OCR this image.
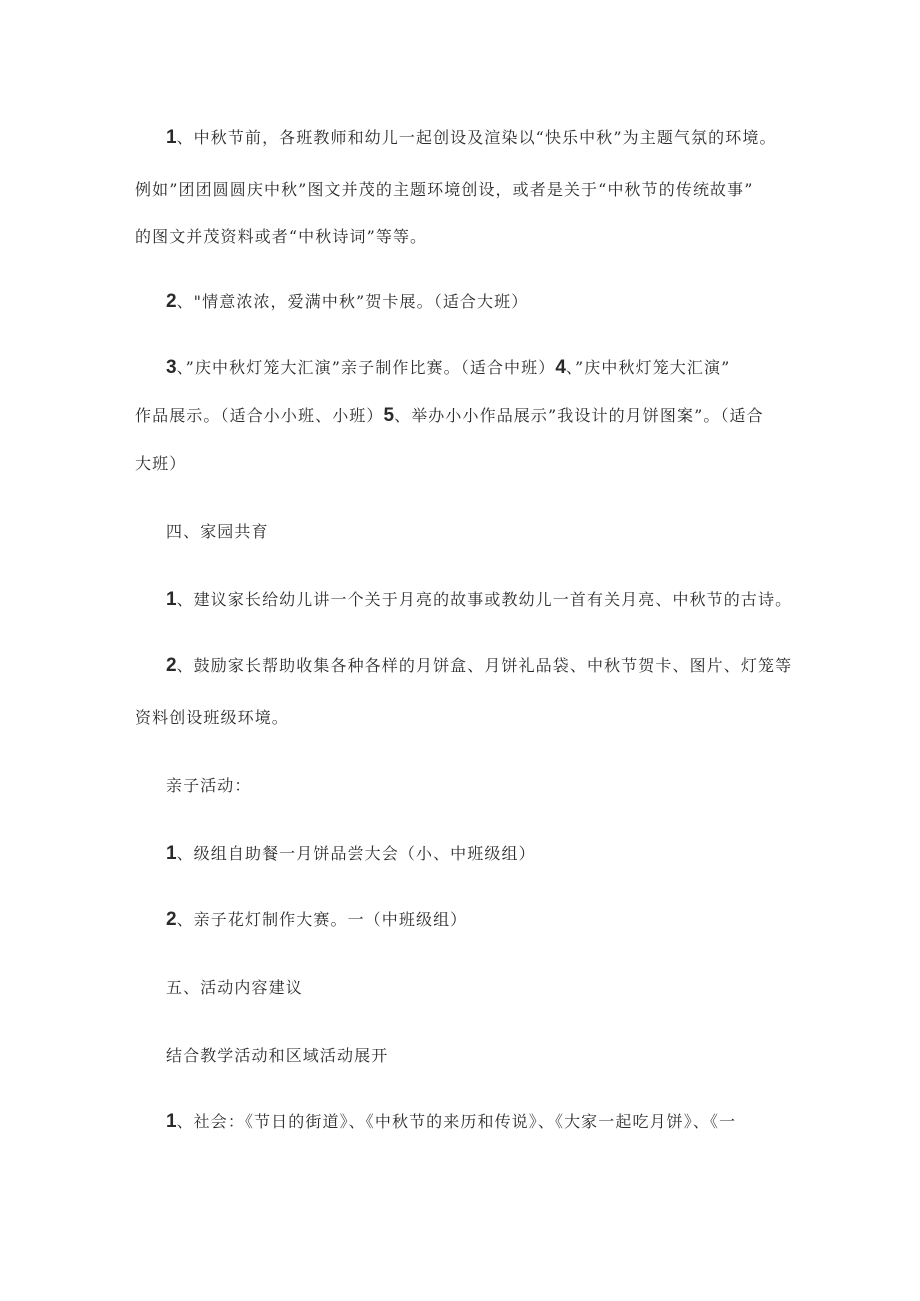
1、中秋节前，各班教师和幼儿一起创设及渲染以“快乐中秋”为主题气氛的环境。
例如”团团圆圆庆中秋”图文并茂的主题环境创设，或者是关于“中秋节的传统故事”
的图文并茂资料或者“中秋诗词”等等。
2、"情意浓浓，爱满中秋”贺卡展。（适合大班）
3、”庆中秋灯笼大汇演”亲子制作比赛。（适合中班）4、”庆中秋灯笼大汇演”
作品展示。（适合小小班、小班）5、举办小小作品展示”我设计的月饼图案”。（适合
大班）
四、家园共育
1、建议家长给幼儿讲一个关于月亮的故事或教幼儿一首有关月亮、中秋节的古诗。
2、鼓励家长帮助收集各种各样的月饼盒、月饼礼品袋、中秋节贺卡、图片、灯笼等
资料创设班级环境。
亲子活动：
1、级组自助餐一月饼品尝大会（小、中班级组）
2、亲子花灯制作大赛。一（中班级组）
五、活动内容建议
结合教学活动和区域活动展开
1、社会：《节日的街道》、《中秋节的来历和传说》、《大家一起吃月饼》、《一
